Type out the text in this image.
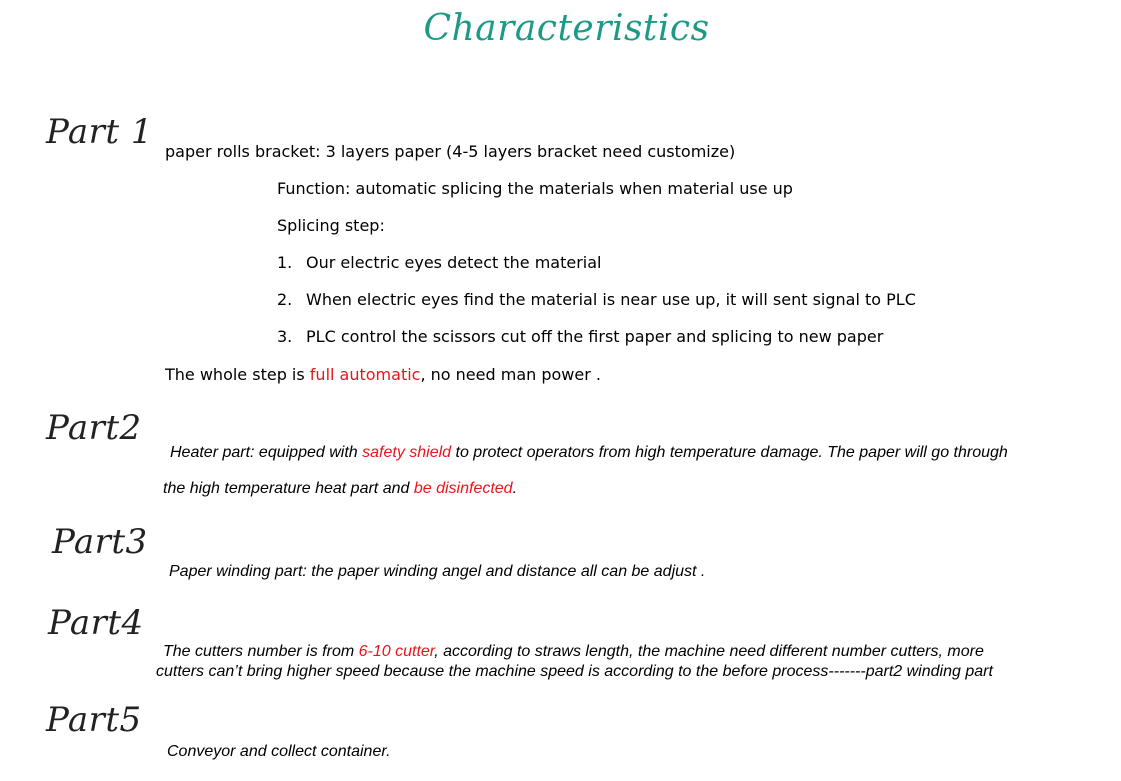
Characteristics
Part 1 paper rolls bracket: 3 layers paper (4-5 layers bracket need customize)
Function: automatic splicing the materials when material use up
Splicing step:
1. Our electric eyes detect the material
2. When electric eyes find the material is near use up, it will sent signal to PLC
3. PLC control the scissors cut off the first paper and splicing to new paper
The whole step is full automatic, no need man power .
Part2
Heater part: equipped with safety shield to protect operators from high temperature damage. The paper will go through
the high temperature heat part and be disinfected.
Part3
Paper winding part: the paper winding angel and distance all can be adjust .
Part4
The cutters number is from 6-10 cutter, according to straws length, the machine need different number cutters, more
cutters can’t bring higher speed because the machine speed is according to the before process-------part2 winding part
Part5
Conveyor and collect container.
